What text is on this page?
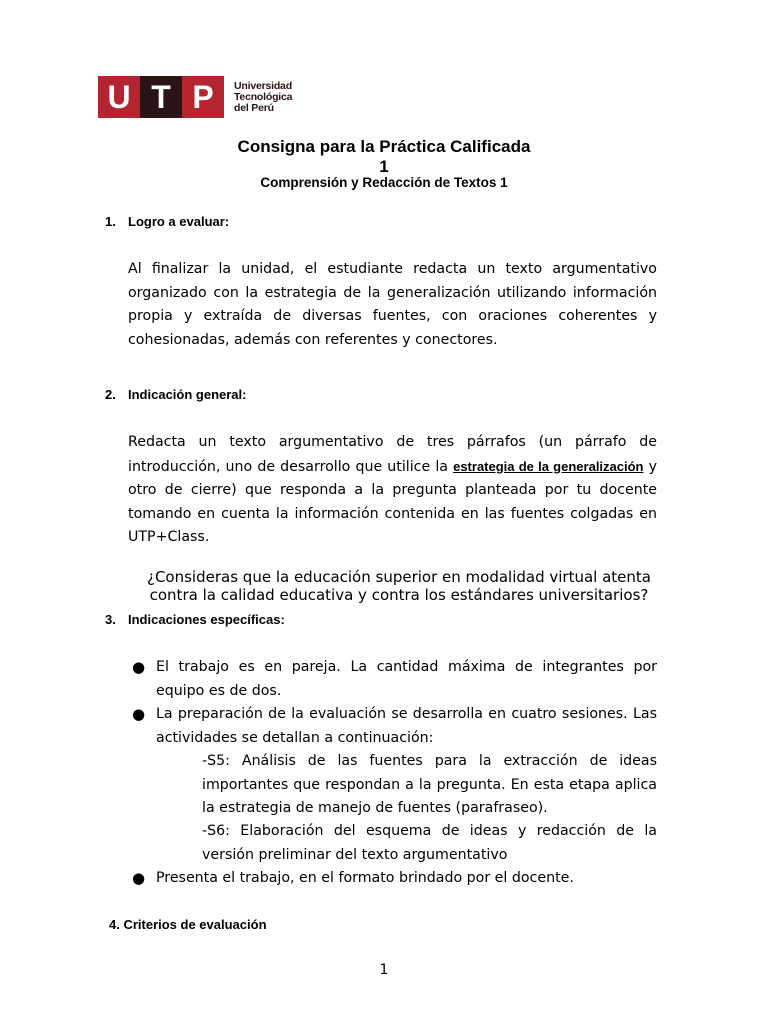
U T P	Universidad
Tecnológica
del Perú
Consigna para la Práctica Calificada
1
Comprensión y Redacción de Textos 1
1. Logro a evaluar:
Al finalizar la unidad, el estudiante redacta un texto argumentativo organizado con la estrategia de la generalización utilizando información propia y extraída de diversas fuentes, con oraciones coherentes y cohesionadas, además con referentes y conectores.
2. Indicación general:
Redacta un texto argumentativo de tres párrafos (un párrafo de introducción, uno de desarrollo que utilice la estrategia de la generalización y otro de cierre) que responda a la pregunta planteada por tu docente tomando en cuenta la información contenida en las fuentes colgadas en UTP+Class.
¿Consideras que la educación superior en modalidad virtual atenta contra la calidad educativa y contra los estándares universitarios?
3. Indicaciones específicas:
● El trabajo es en pareja. La cantidad máxima de integrantes por equipo es de dos.
● La preparación de la evaluación se desarrolla en cuatro sesiones. Las actividades se detallan a continuación:
-S5: Análisis de las fuentes para la extracción de ideas importantes que respondan a la pregunta. En esta etapa aplica la estrategia de manejo de fuentes (parafraseo).
-S6: Elaboración del esquema de ideas y redacción de la versión preliminar del texto argumentativo
● Presenta el trabajo, en el formato brindado por el docente.
4. Criterios de evaluación
1
